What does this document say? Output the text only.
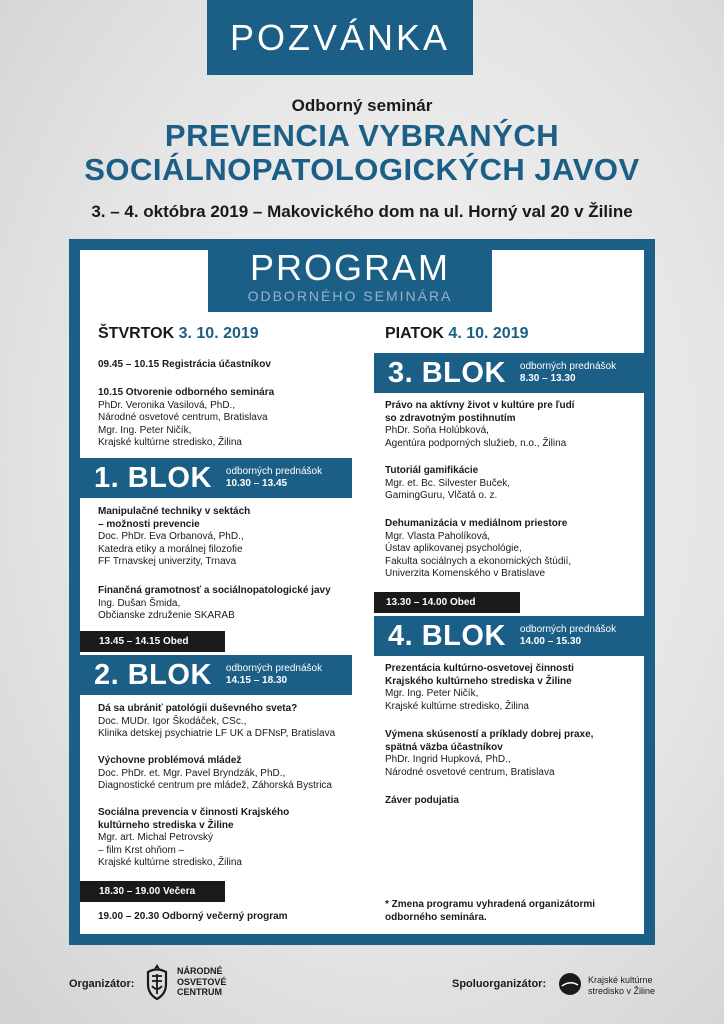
POZVÁNKA
Odborný seminár
PREVENCIA VYBRANÝCH
SOCIÁLNOPATOLOGICKÝCH JAVOV
3. – 4. októbra 2019 – Makovického dom na ul. Horný val 20 v Žiline
PROGRAM
ODBORNÉHO SEMINÁRA
ŠTVRTOK 3. 10. 2019
09.45 – 10.15 Registrácia účastníkov
10.15 Otvorenie odborného seminára
PhDr. Veronika Vasilová, PhD.,
Národné osvetové centrum, Bratislava
Mgr. Ing. Peter Ničík,
Krajské kultúrne stredisko, Žilina
1. BLOK odborných prednášok
10.30 – 13.45
Manipulačné techniky v sektách
– možnosti prevencie
Doc. PhDr. Eva Orbanová, PhD.,
Katedra etiky a morálnej filozofie
FF Trnavskej univerzity, Trnava
Finančná gramotnosť a sociálnopatologické javy
Ing. Dušan Šmida,
Občianske združenie SKARAB
13.45 – 14.15 Obed
2. BLOK odborných prednášok
14.15 – 18.30
Dá sa ubrániť patológii duševného sveta?
Doc. MUDr. Igor Škodáček, CSc.,
Klinika detskej psychiatrie LF UK a DFNsP, Bratislava
Výchovne problémová mládež
Doc. PhDr. et. Mgr. Pavel Bryndzák, PhD.,
Diagnostické centrum pre mládež, Záhorská Bystrica
Sociálna prevencia v činnosti Krajského
kultúrneho strediska v Žiline
Mgr. art. Michal Petrovský
– film Krst ohňom –
Krajské kultúrne stredisko, Žilina
18.30 – 19.00 Večera
19.00 – 20.30 Odborný večerný program
PIATOK 4. 10. 2019
3. BLOK odborných prednášok
8.30 – 13.30
Právo na aktívny život v kultúre pre ľudí
so zdravotným postihnutím
PhDr. Soňa Holúbková,
Agentúra podporných služieb, n.o., Žilina
Tutoriál gamifikácie
Mgr. et. Bc. Silvester Buček,
GamingGuru, Vlčatá o. z.
Dehumanizácia v mediálnom priestore
Mgr. Vlasta Paholíková,
Ústav aplikovanej psychológie,
Fakulta sociálnych a ekonomických štúdií,
Univerzita Komenského v Bratislave
13.30 – 14.00 Obed
4. BLOK odborných prednášok
14.00 – 15.30
Prezentácia kultúrno-osvetovej činnosti
Krajského kultúrneho strediska v Žiline
Mgr. Ing. Peter Ničík,
Krajské kultúrne stredisko, Žilina
Výmena skúseností a príklady dobrej praxe,
spätná väzba účastníkov
PhDr. Ingrid Hupková, PhD.,
Národné osvetové centrum, Bratislava
Záver podujatia
* Zmena programu vyhradená organizátormi
odborného seminára.
Organizátor:
NÁRODNÉ
OSVETOVÉ
CENTRUM
Spoluorganizátor:	Krajské kultúrne
stredisko v Žiline
